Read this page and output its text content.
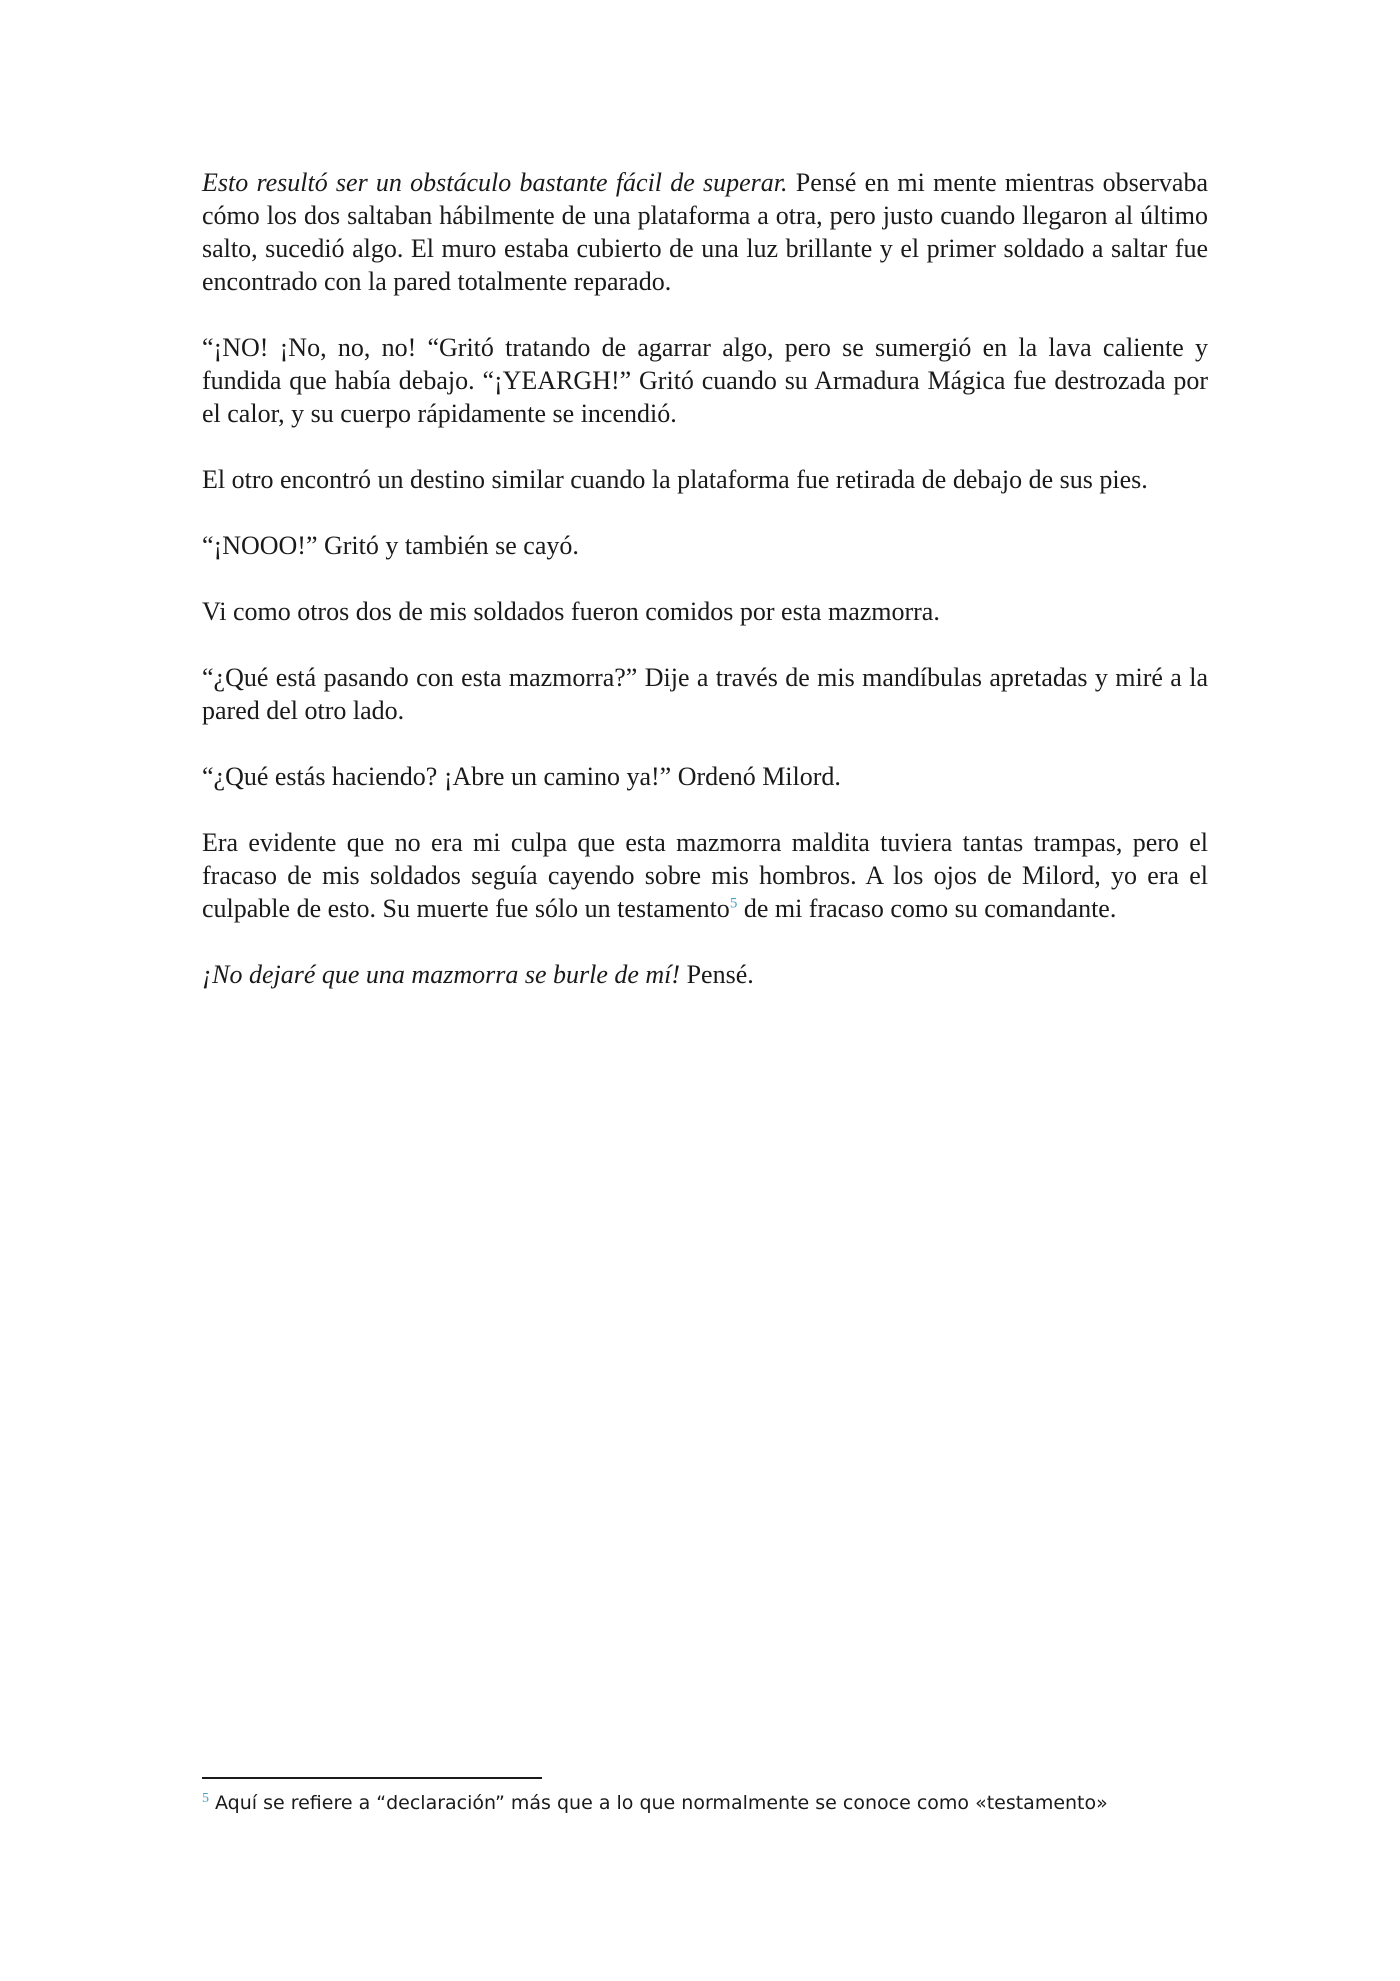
Esto resultó ser un obstáculo bastante fácil de superar. Pensé en mi mente mientras observaba cómo los dos saltaban hábilmente de una plataforma a otra, pero justo cuando llegaron al último salto, sucedió algo. El muro estaba cubierto de una luz brillante y el primer soldado a saltar fue encontrado con la pared totalmente reparado.

“¡NO! ¡No, no, no! “Gritó tratando de agarrar algo, pero se sumergió en la lava caliente y fundida que había debajo. “¡YEARGH!” Gritó cuando su Armadura Mágica fue destrozada por el calor, y su cuerpo rápidamente se incendió.

El otro encontró un destino similar cuando la plataforma fue retirada de debajo de sus pies.

“¡NOOO!” Gritó y también se cayó.

Vi como otros dos de mis soldados fueron comidos por esta mazmorra.

“¿Qué está pasando con esta mazmorra?” Dije a través de mis mandíbulas apretadas y miré a la pared del otro lado.

“¿Qué estás haciendo? ¡Abre un camino ya!” Ordenó Milord.

Era evidente que no era mi culpa que esta mazmorra maldita tuviera tantas trampas, pero el fracaso de mis soldados seguía cayendo sobre mis hombros. A los ojos de Milord, yo era el culpable de esto. Su muerte fue sólo un testamento$^5$ de mi fracaso como su comandante.

¡No dejaré que una mazmorra se burle de mí! Pensé.

$^5$ Aquí se refiere a “declaración” más que a lo que normalmente se conoce como «testamento»
